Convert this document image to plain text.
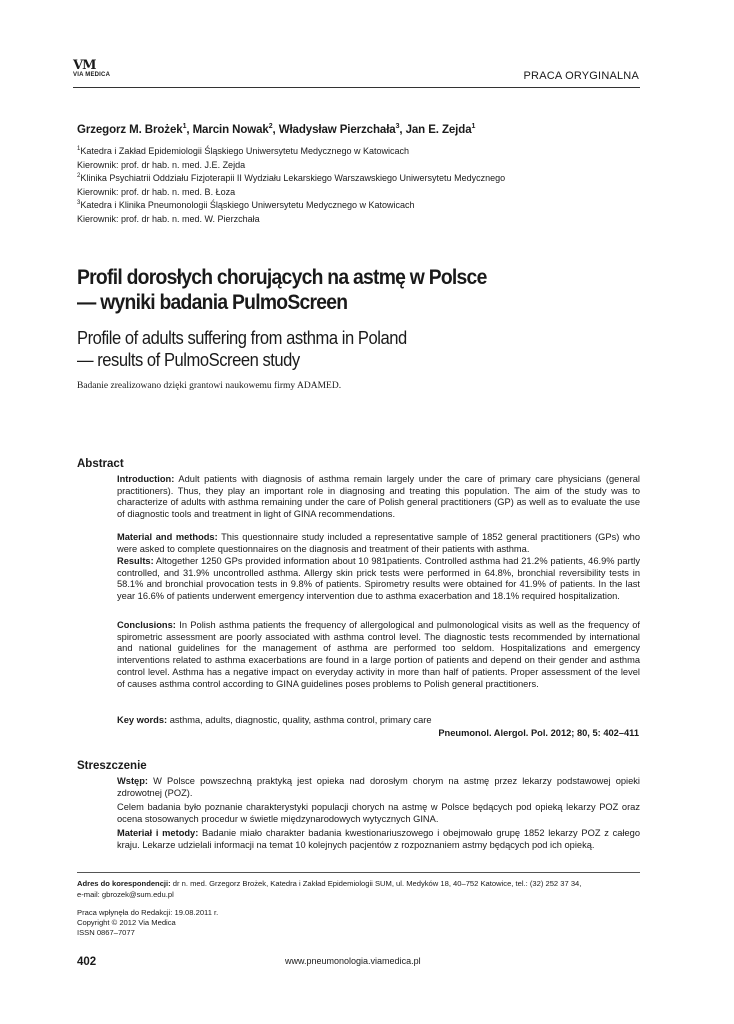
VM
VIA MEDICA	PRACA ORYGINALNA
Grzegorz M. Brożek$^1$, Marcin Nowak$^2$, Władysław Pierzchała$^3$, Jan E. Zejda$^1$
$^1$Katedra i Zakład Epidemiologii Śląskiego Uniwersytetu Medycznego w Katowicach
Kierownik: prof. dr hab. n. med. J.E. Zejda
$^2$Klinika Psychiatrii Oddziału Fizjoterapii II Wydziału Lekarskiego Warszawskiego Uniwersytetu Medycznego
Kierownik: prof. dr hab. n. med. B. Łoza
$^3$Katedra i Klinika Pneumonologii Śląskiego Uniwersytetu Medycznego w Katowicach
Kierownik: prof. dr hab. n. med. W. Pierzchała
Profil dorosłych chorujących na astmę w Polsce
— wyniki badania PulmoScreen
Profile of adults suffering from asthma in Poland
— results of PulmoScreen study
Badanie zrealizowano dzięki grantowi naukowemu firmy ADAMED.
Abstract
Introduction: Adult patients with diagnosis of asthma remain largely under the care of primary care physicians (general practitioners). Thus, they play an important role in diagnosing and treating this population. The aim of the study was to characterize of adults with asthma remaining under the care of Polish general practitioners (GP) as well as to evaluate the use of diagnostic tools and treatment in light of GINA recommendations.
Material and methods: This questionnaire study included a representative sample of 1852 general practitioners (GPs) who were asked to complete questionnaires on the diagnosis and treatment of their patients with asthma.
Results: Altogether 1250 GPs provided information about 10 981patients. Controlled asthma had 21.2% patients, 46.9% partly controlled, and 31.9% uncontrolled asthma. Allergy skin prick tests were performed in 64.8%, bronchial reversibility tests in 58.1% and bronchial provocation tests in 9.8% of patients. Spirometry results were obtained for 41.9% of patients. In the last year 16.6% of patients underwent emergency intervention due to asthma exacerbation and 18.1% required hospitalization.
Conclusions: In Polish asthma patients the frequency of allergological and pulmonological visits as well as the frequency of spirometric assessment are poorly associated with asthma control level. The diagnostic tests recommended by international and national guidelines for the management of asthma are performed too seldom. Hospitalizations and emergency interventions related to asthma exacerbations are found in a large portion of patients and depend on their gender and asthma control level. Asthma has a negative impact on everyday activity in more than half of patients. Proper assessment of the level of causes asthma control according to GINA guidelines poses problems to Polish general practitioners.
Key words: asthma, adults, diagnostic, quality, asthma control, primary care
Pneumonol. Alergol. Pol. 2012; 80, 5: 402–411
Streszczenie
Wstęp: W Polsce powszechną praktyką jest opieka nad dorosłym chorym na astmę przez lekarzy podstawowej opieki zdrowotnej (POZ).
Celem badania było poznanie charakterystyki populacji chorych na astmę w Polsce będących pod opieką lekarzy POZ oraz ocena stosowanych procedur w świetle międzynarodowych wytycznych GINA.
Materiał i metody: Badanie miało charakter badania kwestionariuszowego i obejmowało grupę 1852 lekarzy POZ z całego kraju. Lekarze udzielali informacji na temat 10 kolejnych pacjentów z rozpoznaniem astmy będących pod ich opieką.
Adres do korespondencji: dr n. med. Grzegorz Brożek, Katedra i Zakład Epidemiologii SUM, ul. Medyków 18, 40–752 Katowice, tel.: (32) 252 37 34,
e-mail: gbrozek@sum.edu.pl
Praca wpłynęła do Redakcji: 19.08.2011 r.
Copyright © 2012 Via Medica
ISSN 0867–7077
402	www.pneumonologia.viamedica.pl
